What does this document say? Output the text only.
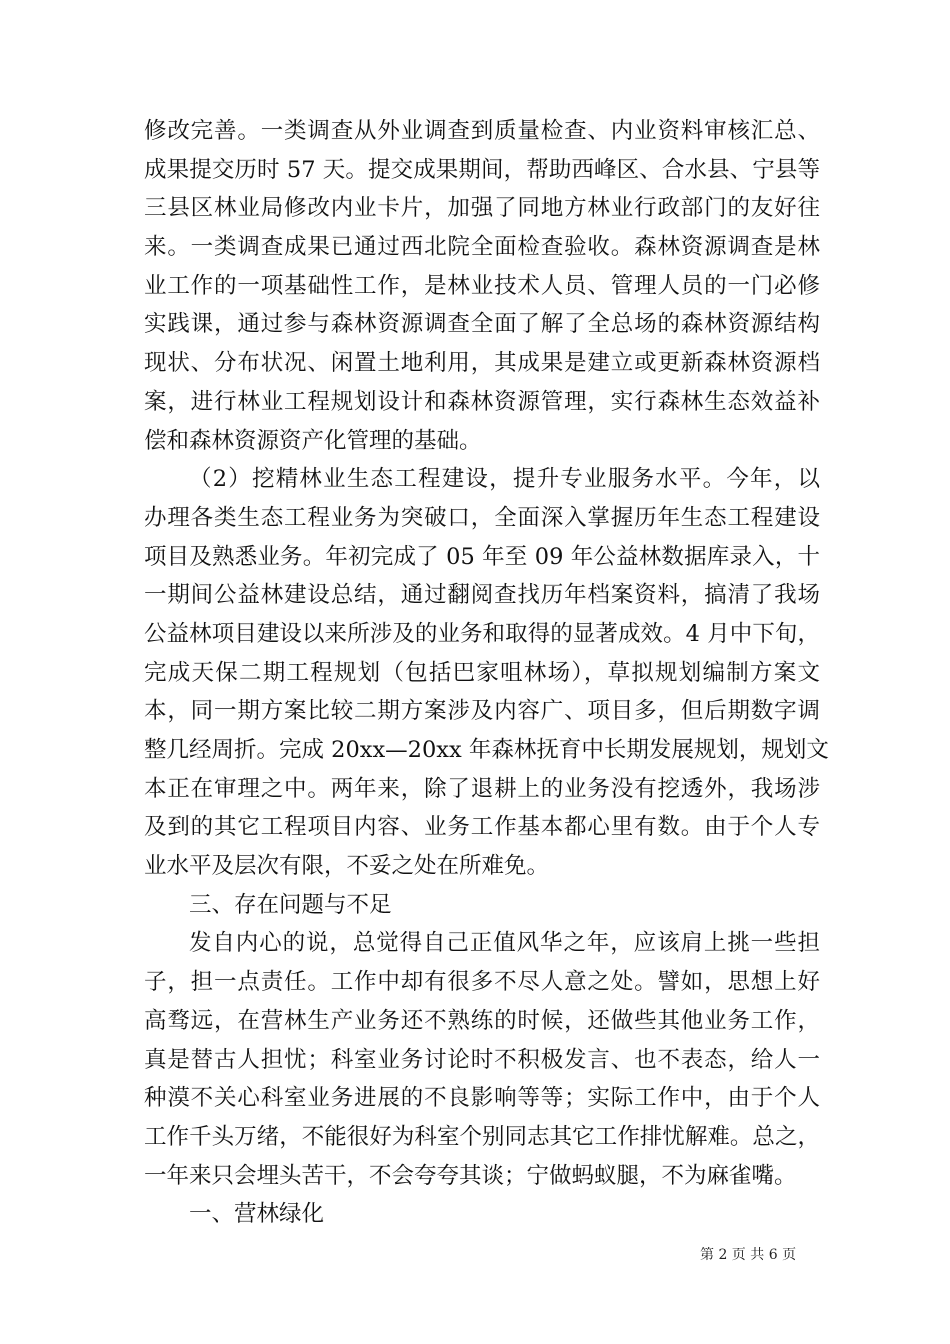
修改完善。一类调查从外业调查到质量检查、内业资料审核汇总、
成果提交历时 57 天。提交成果期间，帮助西峰区、合水县、宁县等
三县区林业局修改内业卡片，加强了同地方林业行政部门的友好往
来。一类调查成果已通过西北院全面检查验收。森林资源调查是林
业工作的一项基础性工作，是林业技术人员、管理人员的一门必修
实践课，通过参与森林资源调查全面了解了全总场的森林资源结构
现状、分布状况、闲置土地利用，其成果是建立或更新森林资源档
案，进行林业工程规划设计和森林资源管理，实行森林生态效益补
偿和森林资源资产化管理的基础。
（2）挖精林业生态工程建设，提升专业服务水平。今年，以
办理各类生态工程业务为突破口，全面深入掌握历年生态工程建设
项目及熟悉业务。年初完成了 05 年至 09 年公益林数据库录入，十
一期间公益林建设总结，通过翻阅查找历年档案资料，搞清了我场
公益林项目建设以来所涉及的业务和取得的显著成效。4 月中下旬，
完成天保二期工程规划（包括巴家咀林场），草拟规划编制方案文
本，同一期方案比较二期方案涉及内容广、项目多，但后期数字调
整几经周折。完成 20xx—20xx 年森林抚育中长期发展规划，规划文
本正在审理之中。两年来，除了退耕上的业务没有挖透外，我场涉
及到的其它工程项目内容、业务工作基本都心里有数。由于个人专
业水平及层次有限，不妥之处在所难免。
三、存在问题与不足
发自内心的说，总觉得自己正值风华之年，应该肩上挑一些担
子，担一点责任。工作中却有很多不尽人意之处。譬如，思想上好
高骛远，在营林生产业务还不熟练的时候，还做些其他业务工作，
真是替古人担忧；科室业务讨论时不积极发言、也不表态，给人一
种漠不关心科室业务进展的不良影响等等；实际工作中，由于个人
工作千头万绪，不能很好为科室个别同志其它工作排忧解难。总之，
一年来只会埋头苦干，不会夸夸其谈；宁做蚂蚁腿，不为麻雀嘴。
一、营林绿化
第 2 页 共 6 页
